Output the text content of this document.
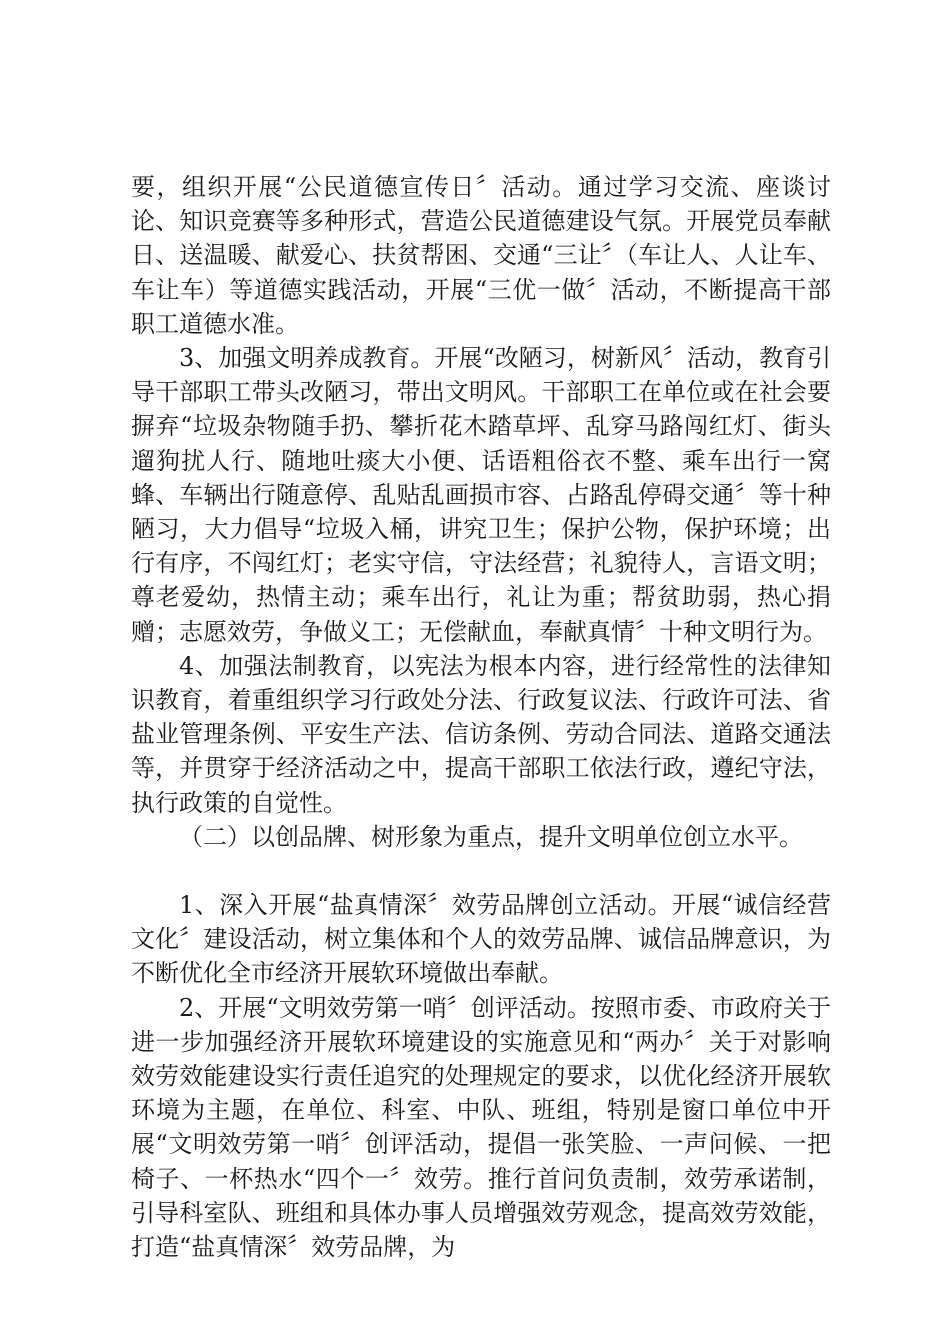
要，组织开展“公民道德宣传日〞活动。通过学习交流、座谈讨论、知识竞赛等多种形式，营造公民道德建设气氛。开展党员奉献日、送温暖、献爱心、扶贫帮困、交通“三让〞（车让人、人让车、车让车）等道德实践活动，开展“三优一做〞活动，不断提高干部职工道德水准。

3、加强文明养成教育。开展“改陋习，树新风〞活动，教育引导干部职工带头改陋习，带出文明风。干部职工在单位或在社会要摒弃“垃圾杂物随手扔、攀折花木踏草坪、乱穿马路闯红灯、街头遛狗扰人行、随地吐痰大小便、话语粗俗衣不整、乘车出行一窝蜂、车辆出行随意停、乱贴乱画损市容、占路乱停碍交通〞等十种陋习，大力倡导“垃圾入桶，讲究卫生；保护公物，保护环境；出行有序，不闯红灯；老实守信，守法经营；礼貌待人，言语文明；尊老爱幼，热情主动；乘车出行，礼让为重；帮贫助弱，热心捐赠；志愿效劳，争做义工；无偿献血，奉献真情〞十种文明行为。

4、加强法制教育，以宪法为根本内容，进行经常性的法律知识教育，着重组织学习行政处分法、行政复议法、行政许可法、省盐业管理条例、平安生产法、信访条例、劳动合同法、道路交通法等，并贯穿于经济活动之中，提高干部职工依法行政，遵纪守法，执行政策的自觉性。

（二）以创品牌、树形象为重点，提升文明单位创立水平。

1、深入开展“盐真情深〞效劳品牌创立活动。开展“诚信经营文化〞建设活动，树立集体和个人的效劳品牌、诚信品牌意识，为不断优化全市经济开展软环境做出奉献。

2、开展“文明效劳第一哨〞创评活动。按照市委、市政府关于进一步加强经济开展软环境建设的实施意见和“两办〞关于对影响效劳效能建设实行责任追究的处理规定的要求，以优化经济开展软环境为主题，在单位、科室、中队、班组，特别是窗口单位中开展“文明效劳第一哨〞创评活动，提倡一张笑脸、一声问候、一把椅子、一杯热水“四个一〞效劳。推行首问负责制，效劳承诺制，引导科室队、班组和具体办事人员增强效劳观念，提高效劳效能，打造“盐真情深〞效劳品牌，为
